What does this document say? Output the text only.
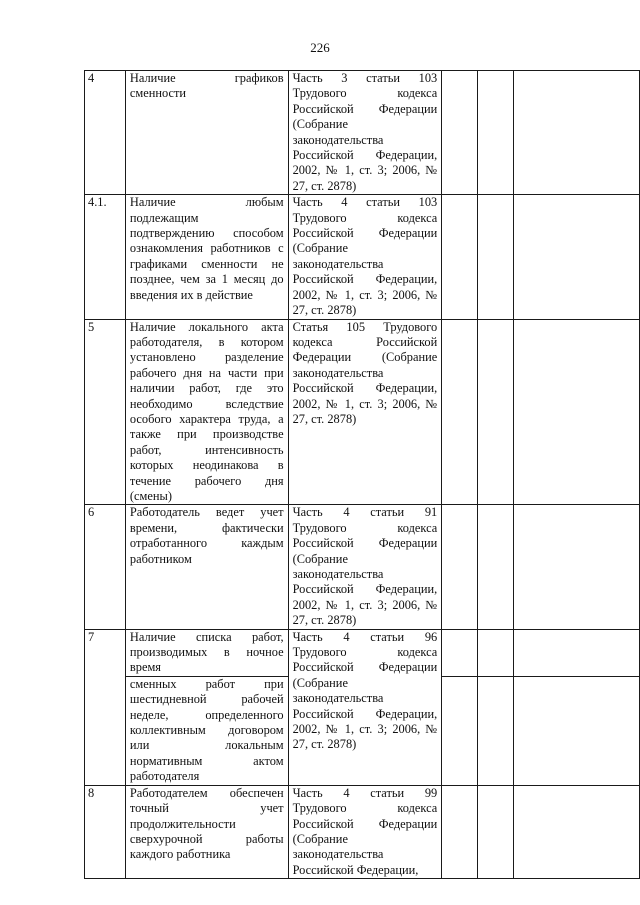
226
4	Наличие графиков сменности	Часть 3 статьи 103 Трудового кодекса Российской Федерации (Собрание законодательства Российской Федерации, 2002, № 1, ст. 3; 2006, № 27, ст. 2878)			
4.1.	Наличие любым подлежащим подтверждению способом ознакомления работников с графиками сменности не позднее, чем за 1 месяц до введения их в действие	Часть 4 статьи 103 Трудового кодекса Российской Федерации (Собрание законодательства Российской Федерации, 2002, № 1, ст. 3; 2006, № 27, ст. 2878)			
5	Наличие локального акта работодателя, в котором установлено разделение рабочего дня на части при наличии работ, где это необходимо вследствие особого характера труда, а также при производстве работ, интенсивность которых неодинакова в течение рабочего дня (смены)	Статья 105 Трудового кодекса Российской Федерации (Собрание законодательства Российской Федерации, 2002, № 1, ст. 3; 2006, № 27, ст. 2878)			
6	Работодатель ведет учет времени, фактически отработанного каждым работником	Часть 4 статьи 91 Трудового кодекса Российской Федерации (Собрание законодательства Российской Федерации, 2002, № 1, ст. 3; 2006, № 27, ст. 2878)			
7	Наличие списка работ, производимых в ночное время	Часть 4 статьи 96 Трудового кодекса Российской Федерации (Собрание законодательства Российской Федерации, 2002, № 1, ст. 3; 2006, № 27, ст. 2878)			
	сменных работ при шестидневной рабочей неделе, определенного коллективным договором или локальным нормативным актом работодателя				
8	Работодателем обеспечен точный учет продолжительности сверхурочной работы каждого работника	Часть 4 статьи 99 Трудового кодекса Российской Федерации (Собрание законодательства Российской Федерации,			
